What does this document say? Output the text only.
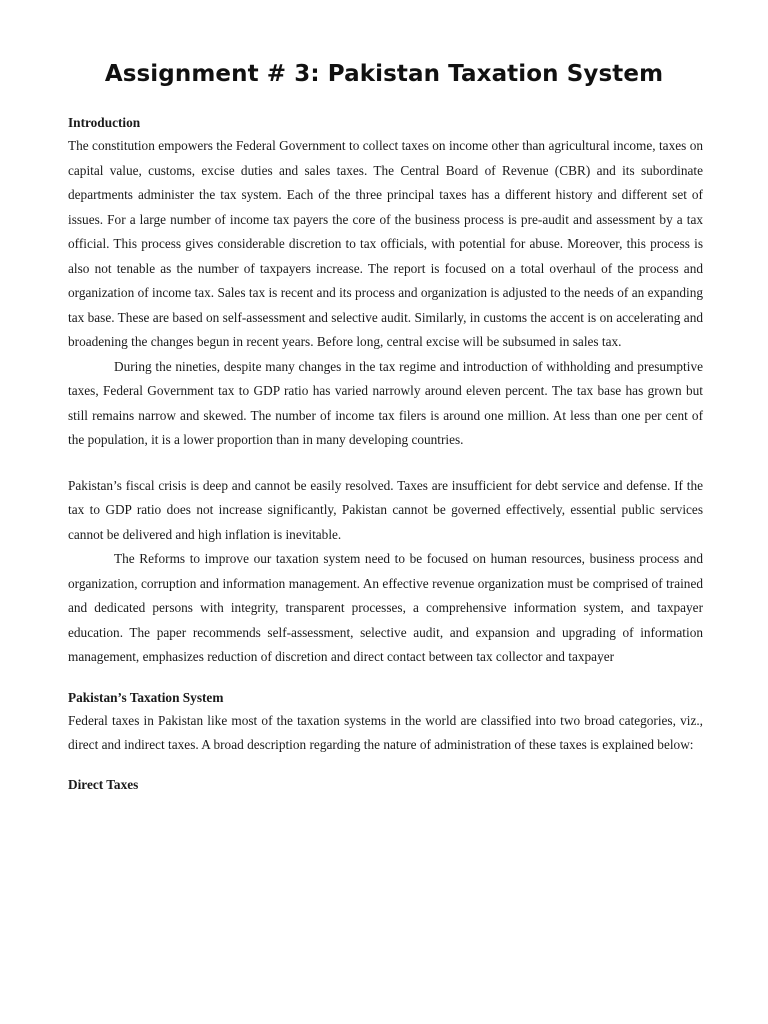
Assignment # 3: Pakistan Taxation System

Introduction

The constitution empowers the Federal Government to collect taxes on income other than agricultural income, taxes on capital value, customs, excise duties and sales taxes. The Central Board of Revenue (CBR) and its subordinate departments administer the tax system. Each of the three principal taxes has a different history and different set of issues. For a large number of income tax payers the core of the business process is pre-audit and assessment by a tax official. This process gives considerable discretion to tax officials, with potential for abuse. Moreover, this process is also not tenable as the number of taxpayers increase. The report is focused on a total overhaul of the process and organization of income tax. Sales tax is recent and its process and organization is adjusted to the needs of an expanding tax base. These are based on self-assessment and selective audit. Similarly, in customs the accent is on accelerating and broadening the changes begun in recent years. Before long, central excise will be subsumed in sales tax.

During the nineties, despite many changes in the tax regime and introduction of withholding and presumptive taxes, Federal Government tax to GDP ratio has varied narrowly around eleven percent. The tax base has grown but still remains narrow and skewed. The number of income tax filers is around one million. At less than one per cent of the population, it is a lower proportion than in many developing countries.

Pakistan’s fiscal crisis is deep and cannot be easily resolved. Taxes are insufficient for debt service and defense. If the tax to GDP ratio does not increase significantly, Pakistan cannot be governed effectively, essential public services cannot be delivered and high inflation is inevitable.

The Reforms to improve our taxation system need to be focused on human resources, business process and organization, corruption and information management. An effective revenue organization must be comprised of trained and dedicated persons with integrity, transparent processes, a comprehensive information system, and taxpayer education. The paper recommends self-assessment, selective audit, and expansion and upgrading of information management, emphasizes reduction of discretion and direct contact between tax collector and taxpayer

Pakistan’s Taxation System

Federal taxes in Pakistan like most of the taxation systems in the world are classified into two broad categories, viz., direct and indirect taxes. A broad description regarding the nature of administration of these taxes is explained below:

Direct Taxes
